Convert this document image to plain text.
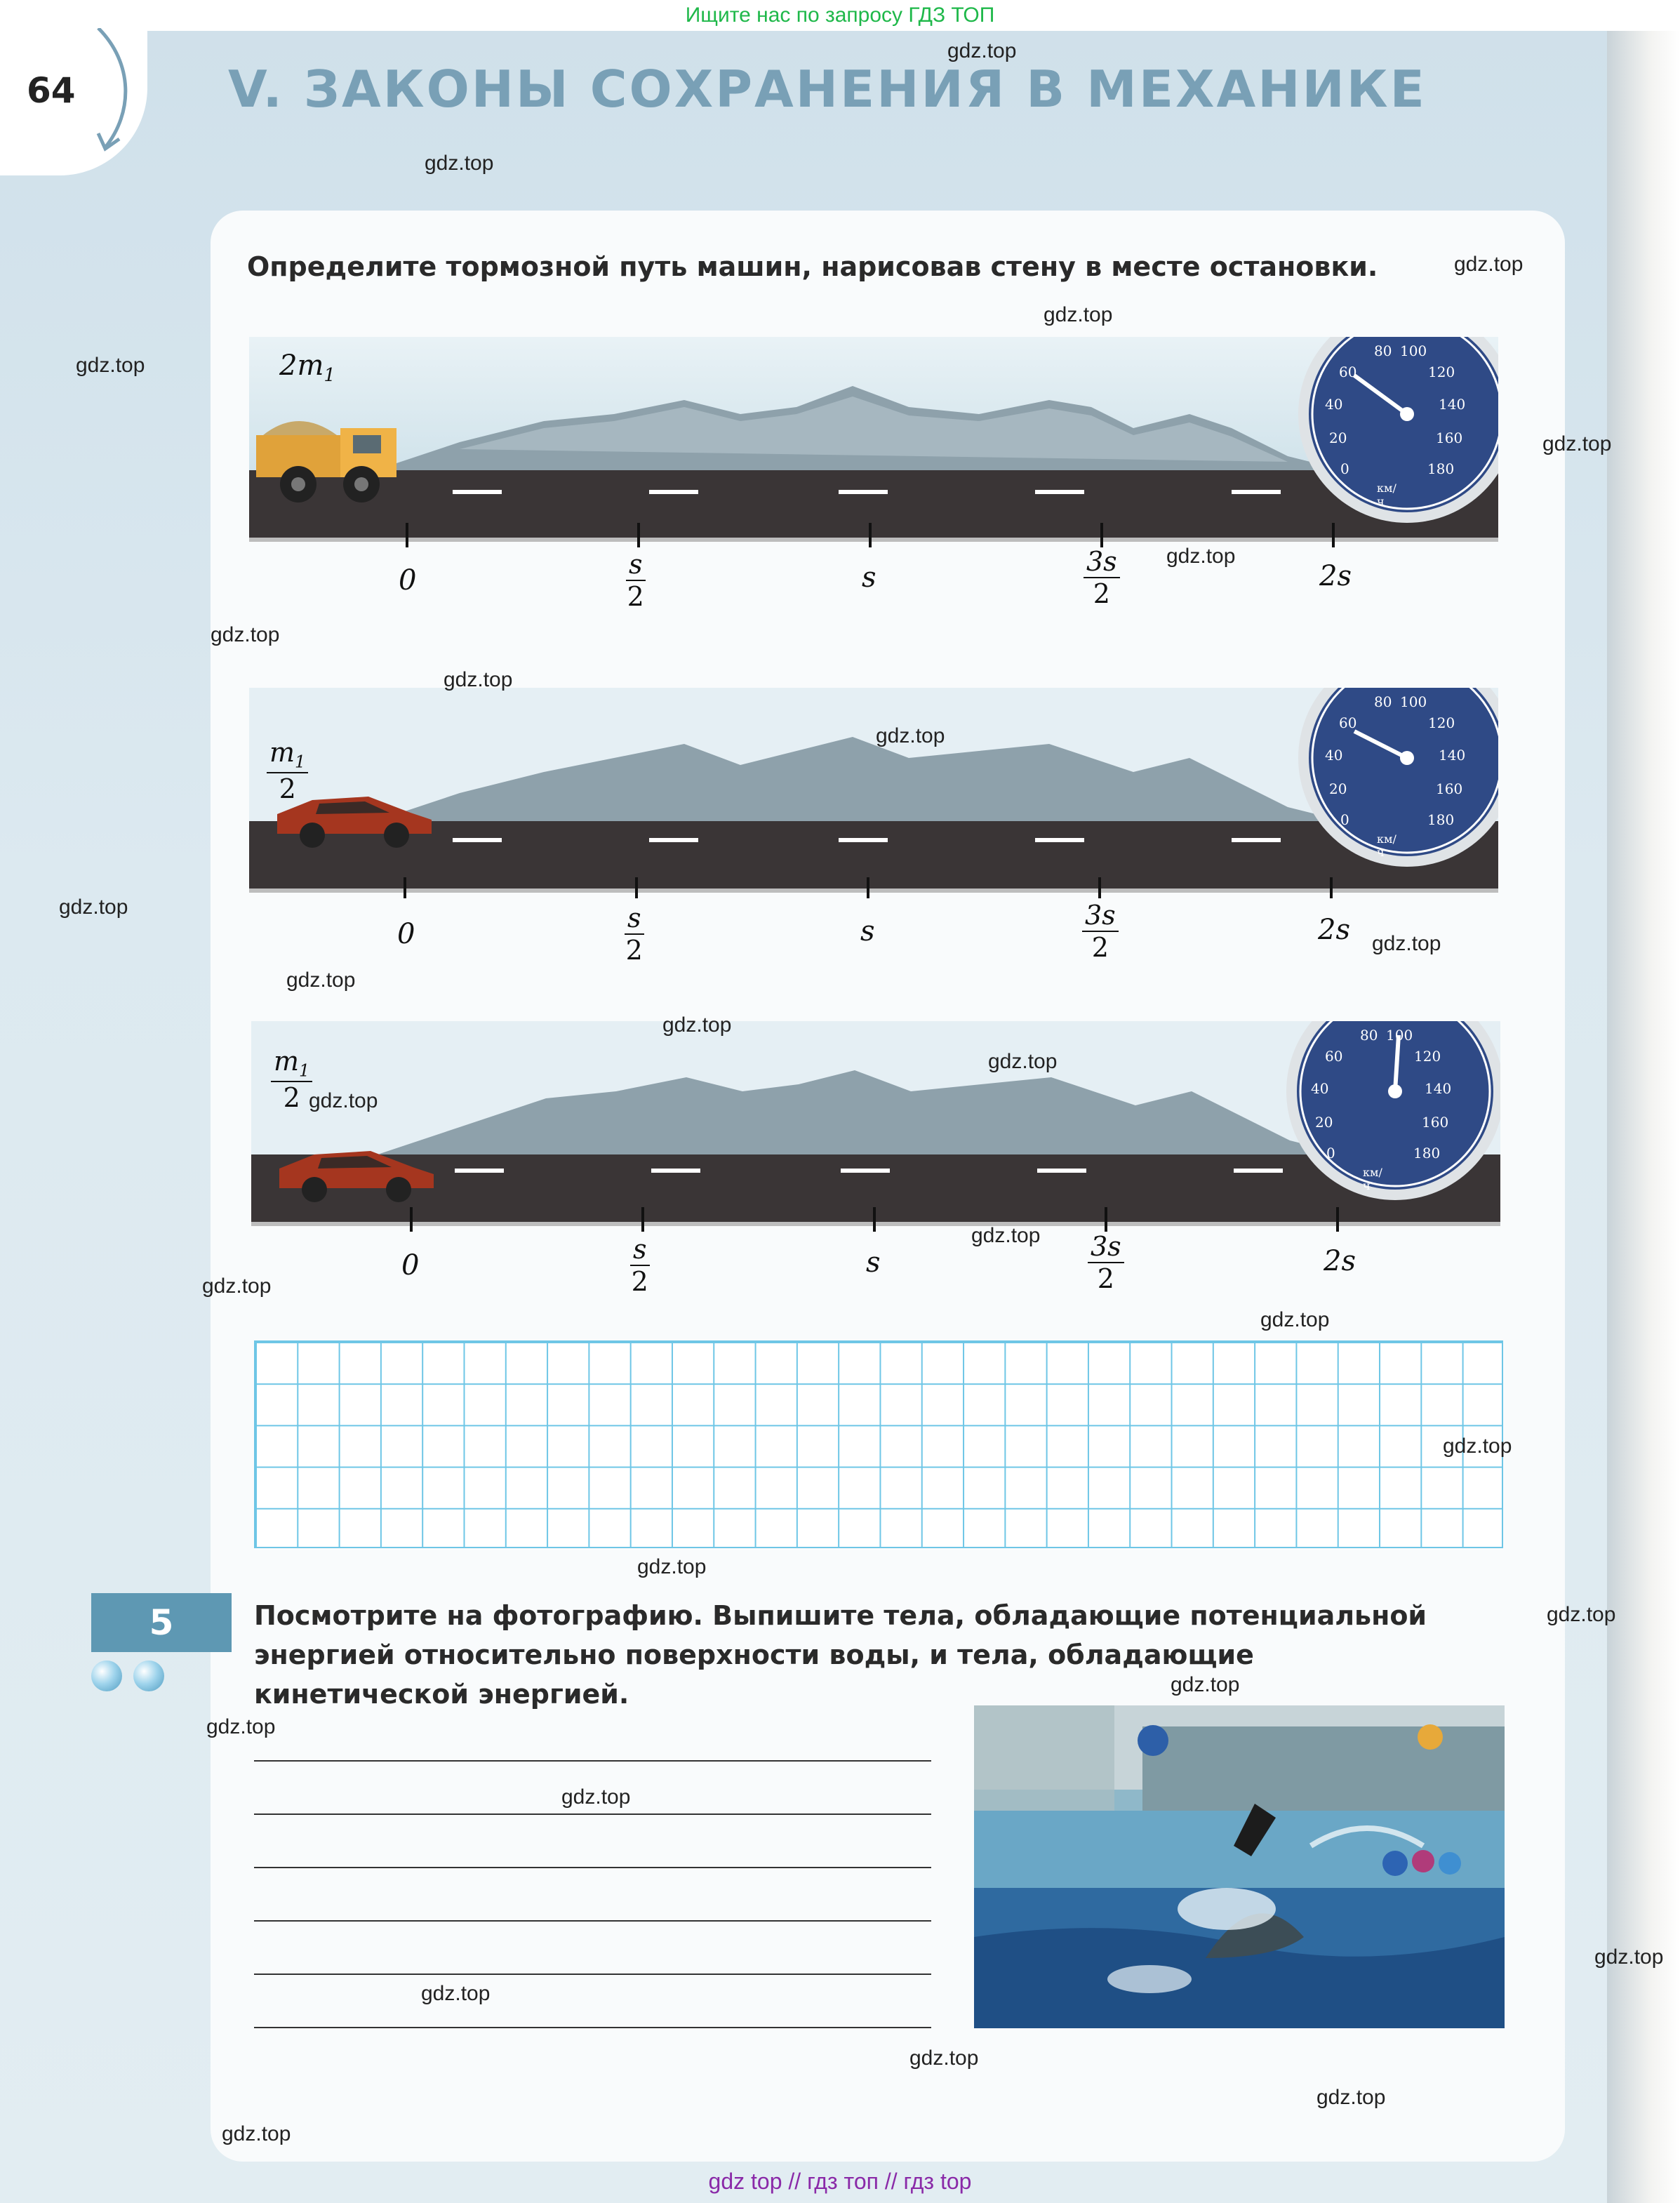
Ищите нас по запросу ГДЗ ТОП
64	V. ЗАКОНЫ СОХРАНЕНИЯ В МЕХАНИКЕ
Определите тормозной путь машин, нарисовав стену в месте остановки.
$2m_1$
80 100
60	120
40	140
20	160
0	180
км/ч
0	$\frac{s}{2}$	s	$\frac{3s}{2}$	2s
$\frac{m_1}{2}$
80 100
60	120
40	140
20	160
0	180
км/ч
0	$\frac{s}{2}$	s	$\frac{3s}{2}$	2s
$\frac{m_1}{2}$
80 100
60	120
40	140
20	160
0	180
км/ч
0	$\frac{s}{2}$	s	$\frac{3s}{2}$	2s
5	Посмотрите на фотографию. Выпишите тела, обладающие потенциальной
энергией относительно поверхности воды, и тела, обладающие
кинетической энергией.
gdz.top
gdz.top
gdz.top
gdz.top
gdz.top
gdz.top
gdz.top
gdz.top
gdz.top
gdz.top
gdz.top
gdz.top
gdz.top
gdz.top
gdz.top
gdz.top
gdz.top
gdz.top
gdz.top
gdz.top
gdz.top
gdz.top
gdz.top
gdz.top
gdz.top
gdz.top
gdz.top
gdz.top
gdz.top
gdz.top
gdz top // гдз топ // гдз top
